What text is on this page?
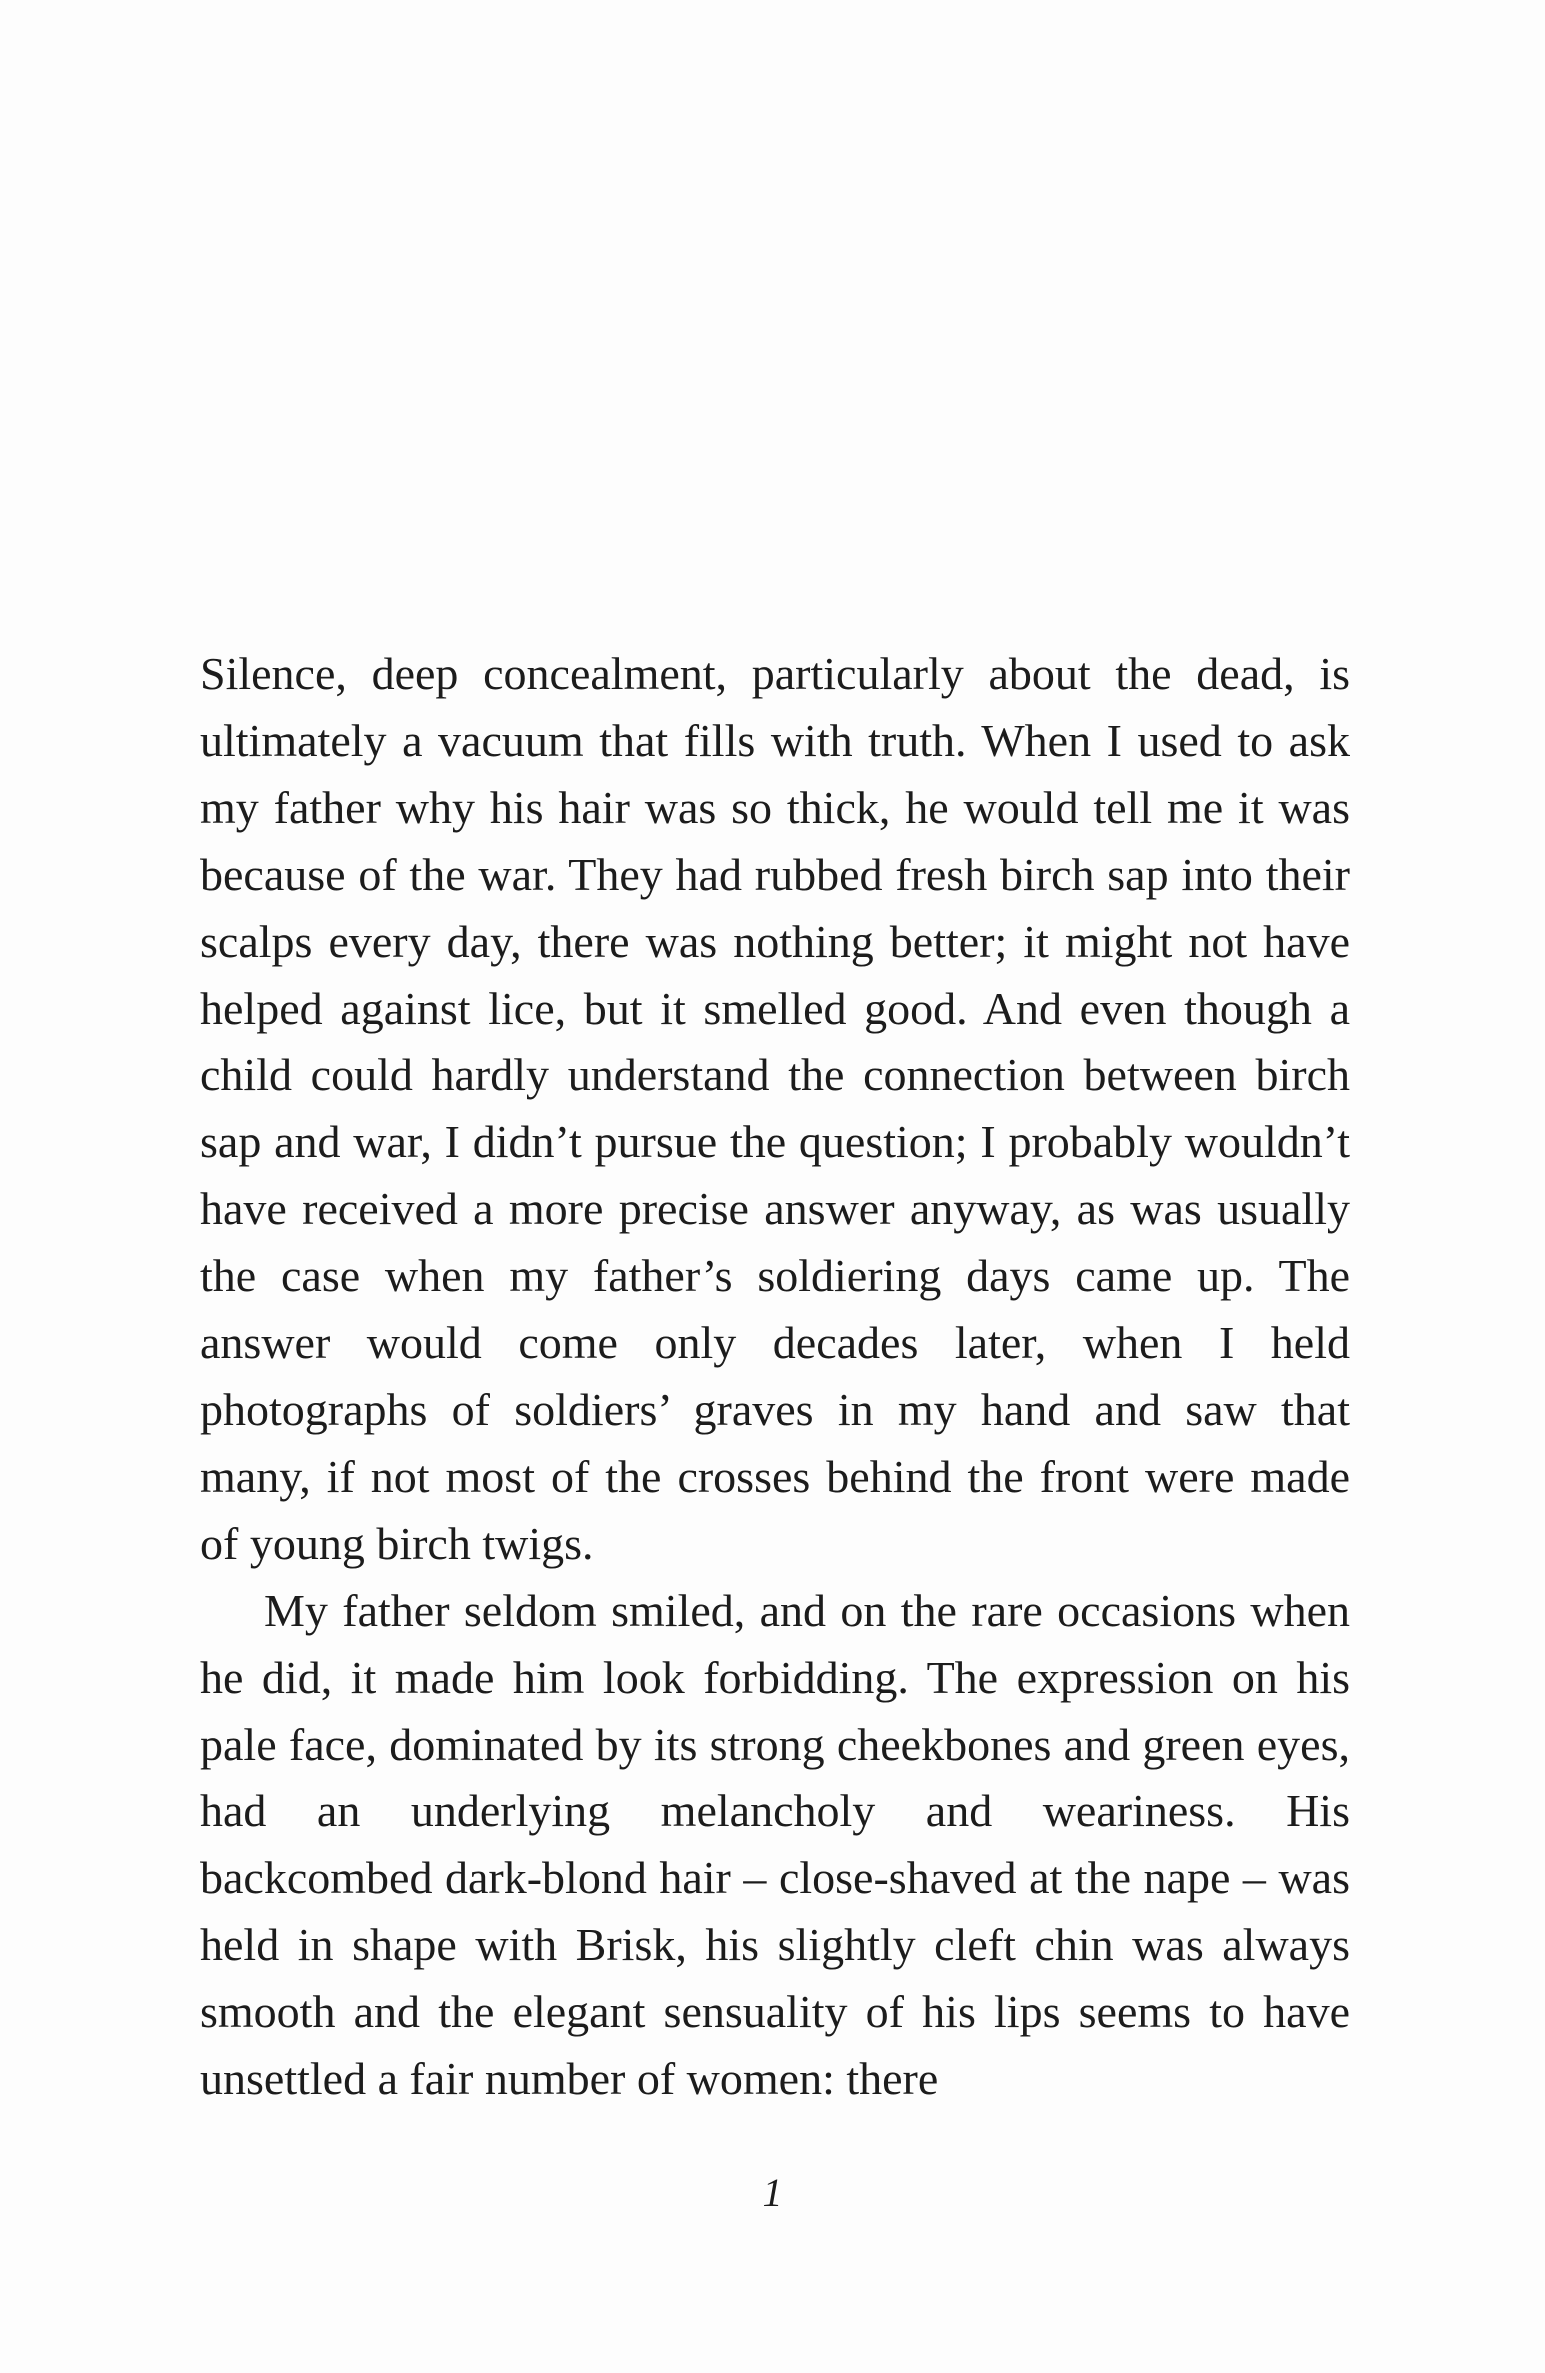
Silence, deep concealment, particularly about the dead, is ultimately a vacuum that fills with truth. When I used to ask my father why his hair was so thick, he would tell me it was because of the war. They had rubbed fresh birch sap into their scalps every day, there was nothing better; it might not have helped against lice, but it smelled good. And even though a child could hardly understand the connection between birch sap and war, I didn’t pursue the question; I probably wouldn’t have received a more precise answer anyway, as was usually the case when my father’s soldiering days came up. The answer would come only decades later, when I held photographs of soldiers’ graves in my hand and saw that many, if not most of the crosses behind the front were made of young birch twigs.

My father seldom smiled, and on the rare occasions when he did, it made him look forbidding. The expression on his pale face, dominated by its strong cheekbones and green eyes, had an underlying melancholy and weariness. His backcombed dark-blond hair – close-shaved at the nape – was held in shape with Brisk, his slightly cleft chin was always smooth and the elegant sensuality of his lips seems to have unsettled a fair number of women: there

1
